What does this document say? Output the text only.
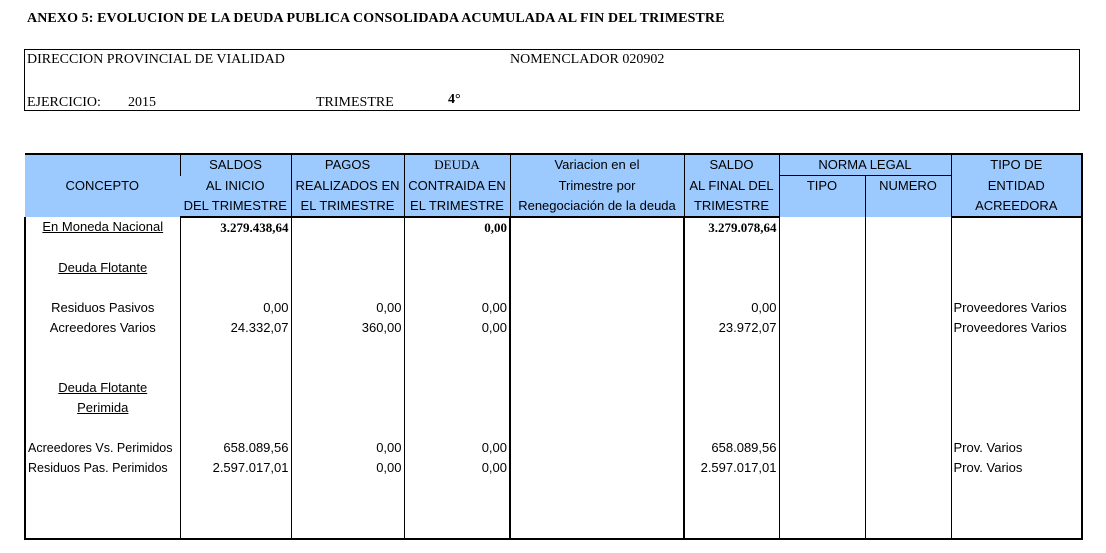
ANEXO 5: EVOLUCION DE LA DEUDA PUBLICA CONSOLIDADA ACUMULADA AL FIN DEL TRIMESTRE
DIRECCION PROVINCIAL DE VIALIDAD	NOMENCLADOR 020902
EJERCICIO: 2015	TRIMESTRE	4°
CONCEPTO	SALDOS	PAGOS	DEUDA	Variacion en el	SALDO	NORMA LEGAL		TIPO DE
	AL INICIO	REALIZADOS EN	CONTRAIDA EN	Trimestre por	AL FINAL DEL	TIPO	NUMERO	ENTIDAD
	DEL TRIMESTRE	EL TRIMESTRE	EL TRIMESTRE	Renegociación de la deuda	TRIMESTRE			ACREEDORA
En Moneda Nacional	3.279.438,64		0,00		3.279.078,64			

Deuda Flotante								

Residuos Pasivos	0,00	0,00	0,00		0,00			Proveedores Varios
Acreedores Varios	24.332,07	360,00	0,00		23.972,07			Proveedores Varios

Deuda Flotante								
Perimida								

Acreedores Vs. Perimidos	658.089,56	0,00	0,00		658.089,56			Prov. Varios
Residuos Pas. Perimidos	2.597.017,01	0,00	0,00		2.597.017,01			Prov. Varios
